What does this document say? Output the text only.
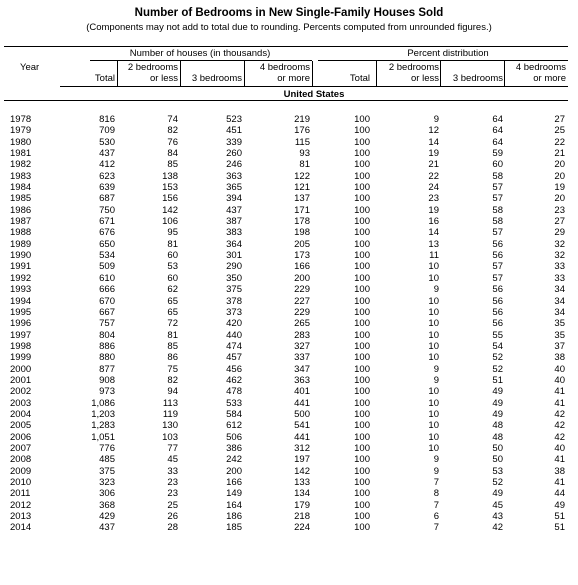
Number of Bedrooms in New Single-Family Houses Sold
(Components may not add to total due to rounding. Percents computed from unrounded figures.)
Number of houses (in thousands)	Percent distribution
Year
Total
2 bedrooms
or less	3 bedrooms
4 bedrooms
or more	Total
2 bedrooms
or less	3 bedrooms
4 bedrooms
or more
United States
1978	816	74	523	219	100	9	64	27
1979	709	82	451	176	100	12	64	25
1980	530	76	339	115	100	14	64	22
1981	437	84	260	93	100	19	59	21
1982	412	85	246	81	100	21	60	20
1983	623	138	363	122	100	22	58	20
1984	639	153	365	121	100	24	57	19
1985	687	156	394	137	100	23	57	20
1986	750	142	437	171	100	19	58	23
1987	671	106	387	178	100	16	58	27
1988	676	95	383	198	100	14	57	29
1989	650	81	364	205	100	13	56	32
1990	534	60	301	173	100	11	56	32
1991	509	53	290	166	100	10	57	33
1992	610	60	350	200	100	10	57	33
1993	666	62	375	229	100	9	56	34
1994	670	65	378	227	100	10	56	34
1995	667	65	373	229	100	10	56	34
1996	757	72	420	265	100	10	56	35
1997	804	81	440	283	100	10	55	35
1998	886	85	474	327	100	10	54	37
1999	880	86	457	337	100	10	52	38
2000	877	75	456	347	100	9	52	40
2001	908	82	462	363	100	9	51	40
2002	973	94	478	401	100	10	49	41
2003	1,086	113	533	441	100	10	49	41
2004	1,203	119	584	500	100	10	49	42
2005	1,283	130	612	541	100	10	48	42
2006	1,051	103	506	441	100	10	48	42
2007	776	77	386	312	100	10	50	40
2008	485	45	242	197	100	9	50	41
2009	375	33	200	142	100	9	53	38
2010	323	23	166	133	100	7	52	41
2011	306	23	149	134	100	8	49	44
2012	368	25	164	179	100	7	45	49
2013	429	26	186	218	100	6	43	51
2014	437	28	185	224	100	7	42	51
